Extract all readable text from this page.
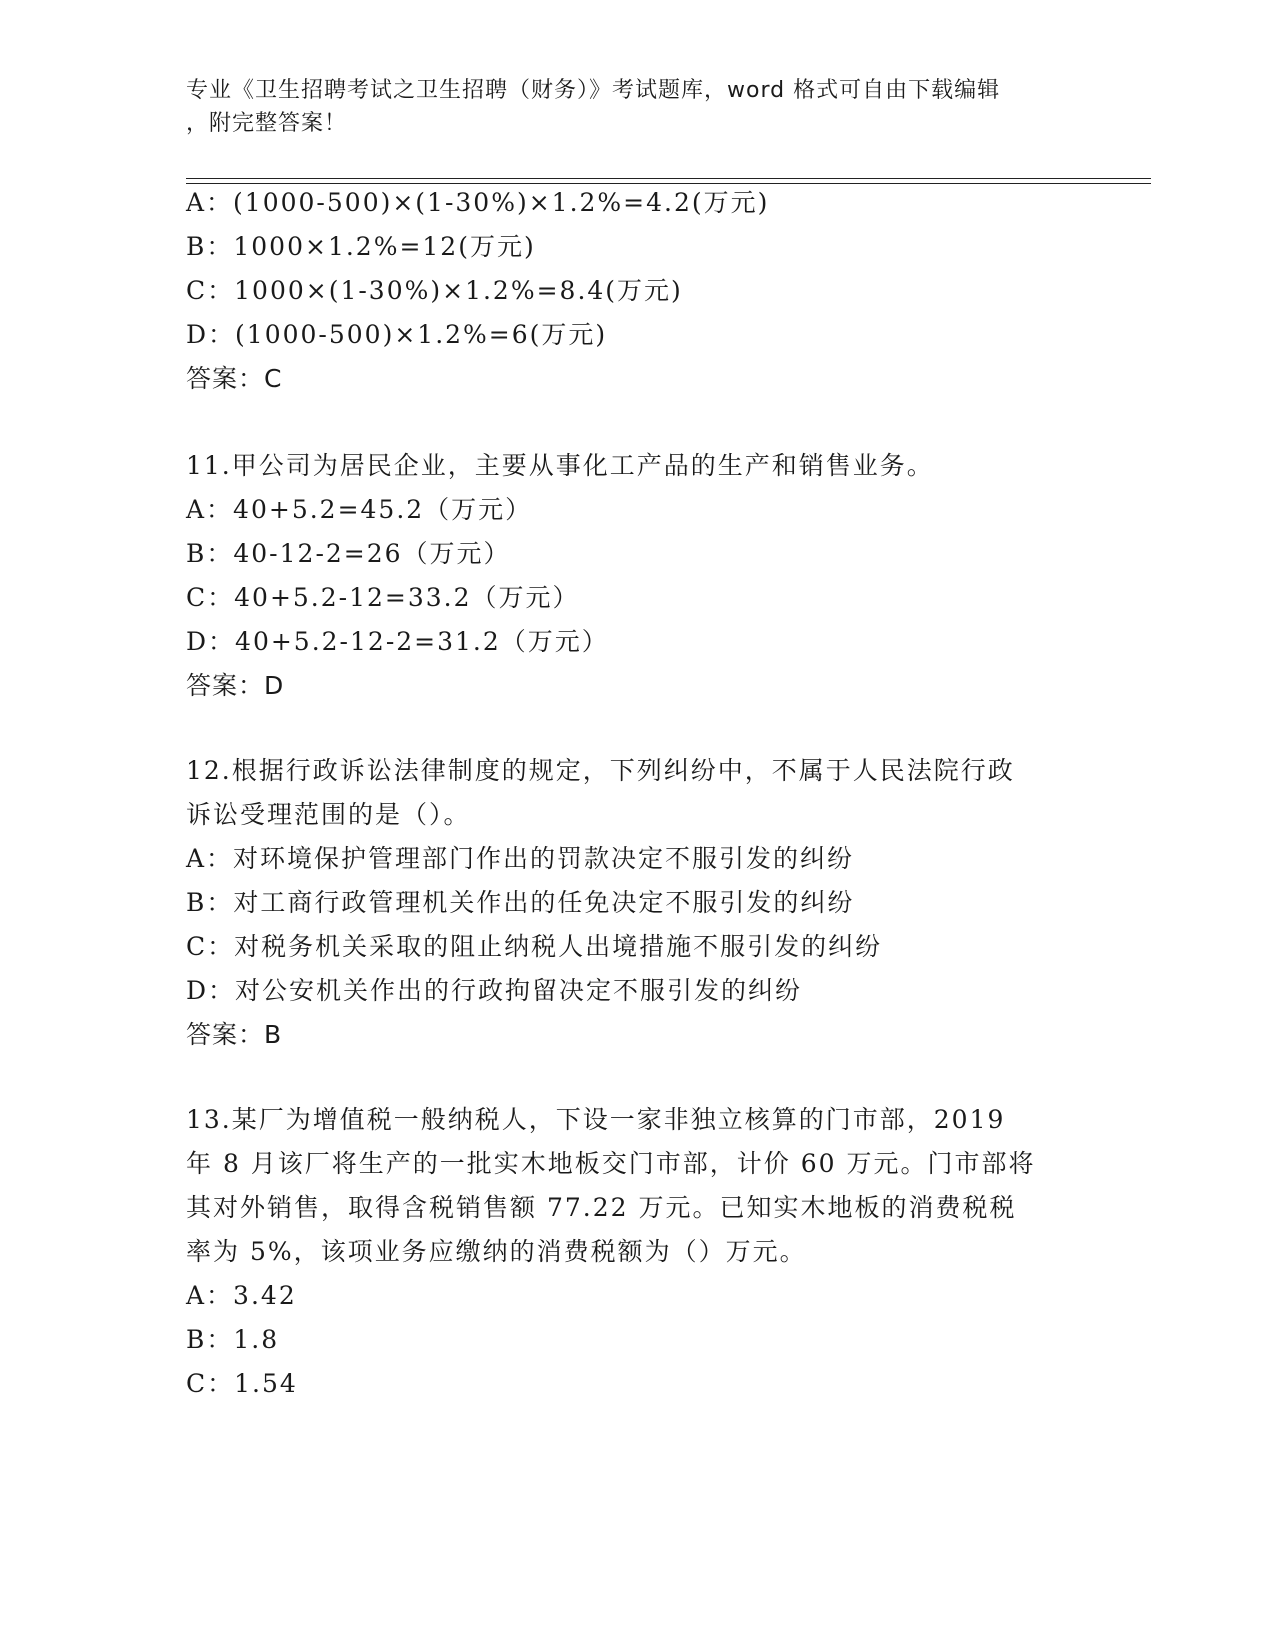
专业《卫生招聘考试之卫生招聘（财务）》考试题库，word 格式可自由下载编辑
，附完整答案！
A：(1000-500)×(1-30%)×1.2%=4.2(万元)
B：1000×1.2%=12(万元)
C：1000×(1-30%)×1.2%=8.4(万元)
D：(1000-500)×1.2%=6(万元)
答案：C
11.甲公司为居民企业，主要从事化工产品的生产和销售业务。
A：40+5.2=45.2（万元）
B：40-12-2=26（万元）
C：40+5.2-12=33.2（万元）
D：40+5.2-12-2=31.2（万元）
答案：D
12.根据行政诉讼法律制度的规定，下列纠纷中，不属于人民法院行政
诉讼受理范围的是（）。
A：对环境保护管理部门作出的罚款决定不服引发的纠纷
B：对工商行政管理机关作出的任免决定不服引发的纠纷
C：对税务机关采取的阻止纳税人出境措施不服引发的纠纷
D：对公安机关作出的行政拘留决定不服引发的纠纷
答案：B
13.某厂为增值税一般纳税人，下设一家非独立核算的门市部，2019
年 8 月该厂将生产的一批实木地板交门市部，计价 60 万元。门市部将
其对外销售，取得含税销售额 77.22 万元。已知实木地板的消费税税
率为 5%，该项业务应缴纳的消费税额为（）万元。
A：3.42
B：1.8
C：1.54
